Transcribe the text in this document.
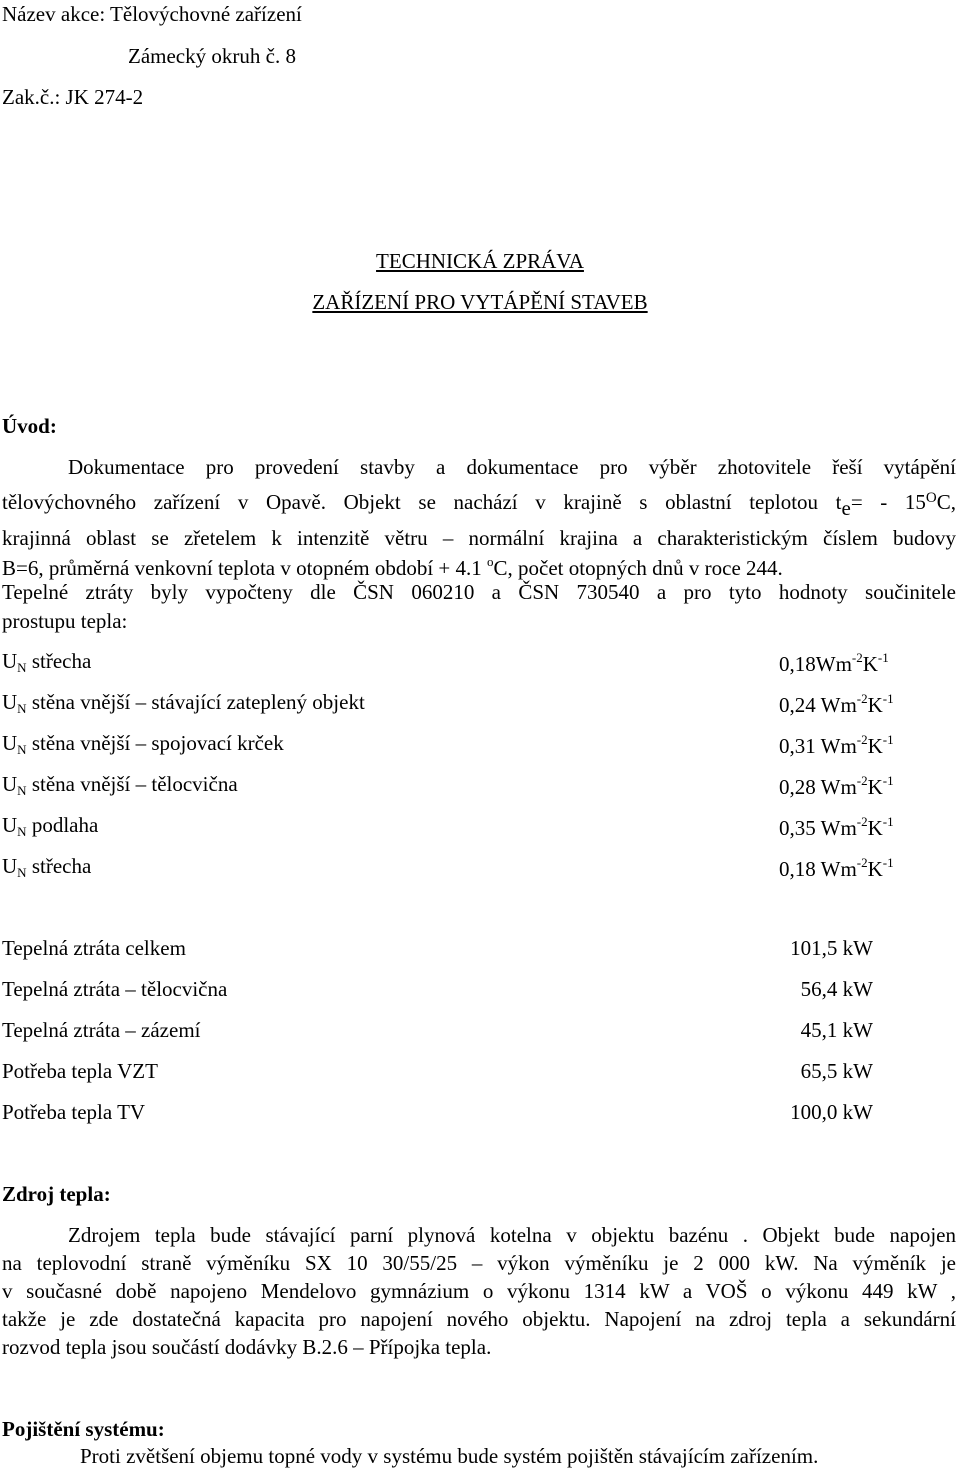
Název akce: Tělovýchovné zařízení
Zámecký okruh č. 8
Zak.č.: JK 274-2
TECHNICKÁ ZPRÁVA
ZAŘÍZENÍ PRO VYTÁPĚNÍ STAVEB
Úvod:
Dokumentace pro provedení stavby a dokumentace pro výběr zhotovitele řeší vytápění
tělovýchovného zařízení v Opavě. Objekt se nachází v krajině s oblastní teplotou $te= - 15^OC$,
krajinná oblast se zřetelem k intenzitě větru – normální krajina a charakteristickým číslem budovy
B=6, průměrná venkovní teplota v otopném období + 4.1 $^o$C, počet otopných dnů v roce 244.
Tepelné ztráty byly vypočteny dle ČSN 060210 a ČSN 730540 a pro tyto hodnoty součinitele
prostupu tepla:
$U_N$ střecha	$0,18Wm^{-2}K^{-1}$
$U_N$ stěna vnější – stávající zateplený objekt	0,24 $Wm^{-2}K^{-1}$
$U_N$ stěna vnější – spojovací krček	0,31 $Wm^{-2}K^{-1}$
$U_N$ stěna vnější – tělocvična	0,28 $Wm^{-2}K^{-1}$
$U_N$ podlaha	0,35 $Wm^{-2}K^{-1}$
$U_N$ střecha	0,18 $Wm^{-2}K^{-1}$
Tepelná ztráta celkem	101,5 kW
Tepelná ztráta – tělocvična	56,4 kW
Tepelná ztráta – zázemí	45,1 kW
Potřeba tepla VZT	65,5 kW
Potřeba tepla TV	100,0 kW
Zdroj tepla:
Zdrojem tepla bude stávající parní plynová kotelna v objektu bazénu . Objekt bude napojen
na teplovodní straně výměníku SX 10 30/55/25 – výkon výměníku je 2 000 kW. Na výměník je
v současné době napojeno Mendelovo gymnázium o výkonu 1314 kW a VOŠ o výkonu 449 kW ,
takže je zde dostatečná kapacita pro napojení nového objektu. Napojení na zdroj tepla a sekundární
rozvod tepla jsou součástí dodávky B.2.6 – Přípojka tepla.
Pojištění systému:
Proti zvětšení objemu topné vody v systému bude systém pojištěn stávajícím zařízením.
